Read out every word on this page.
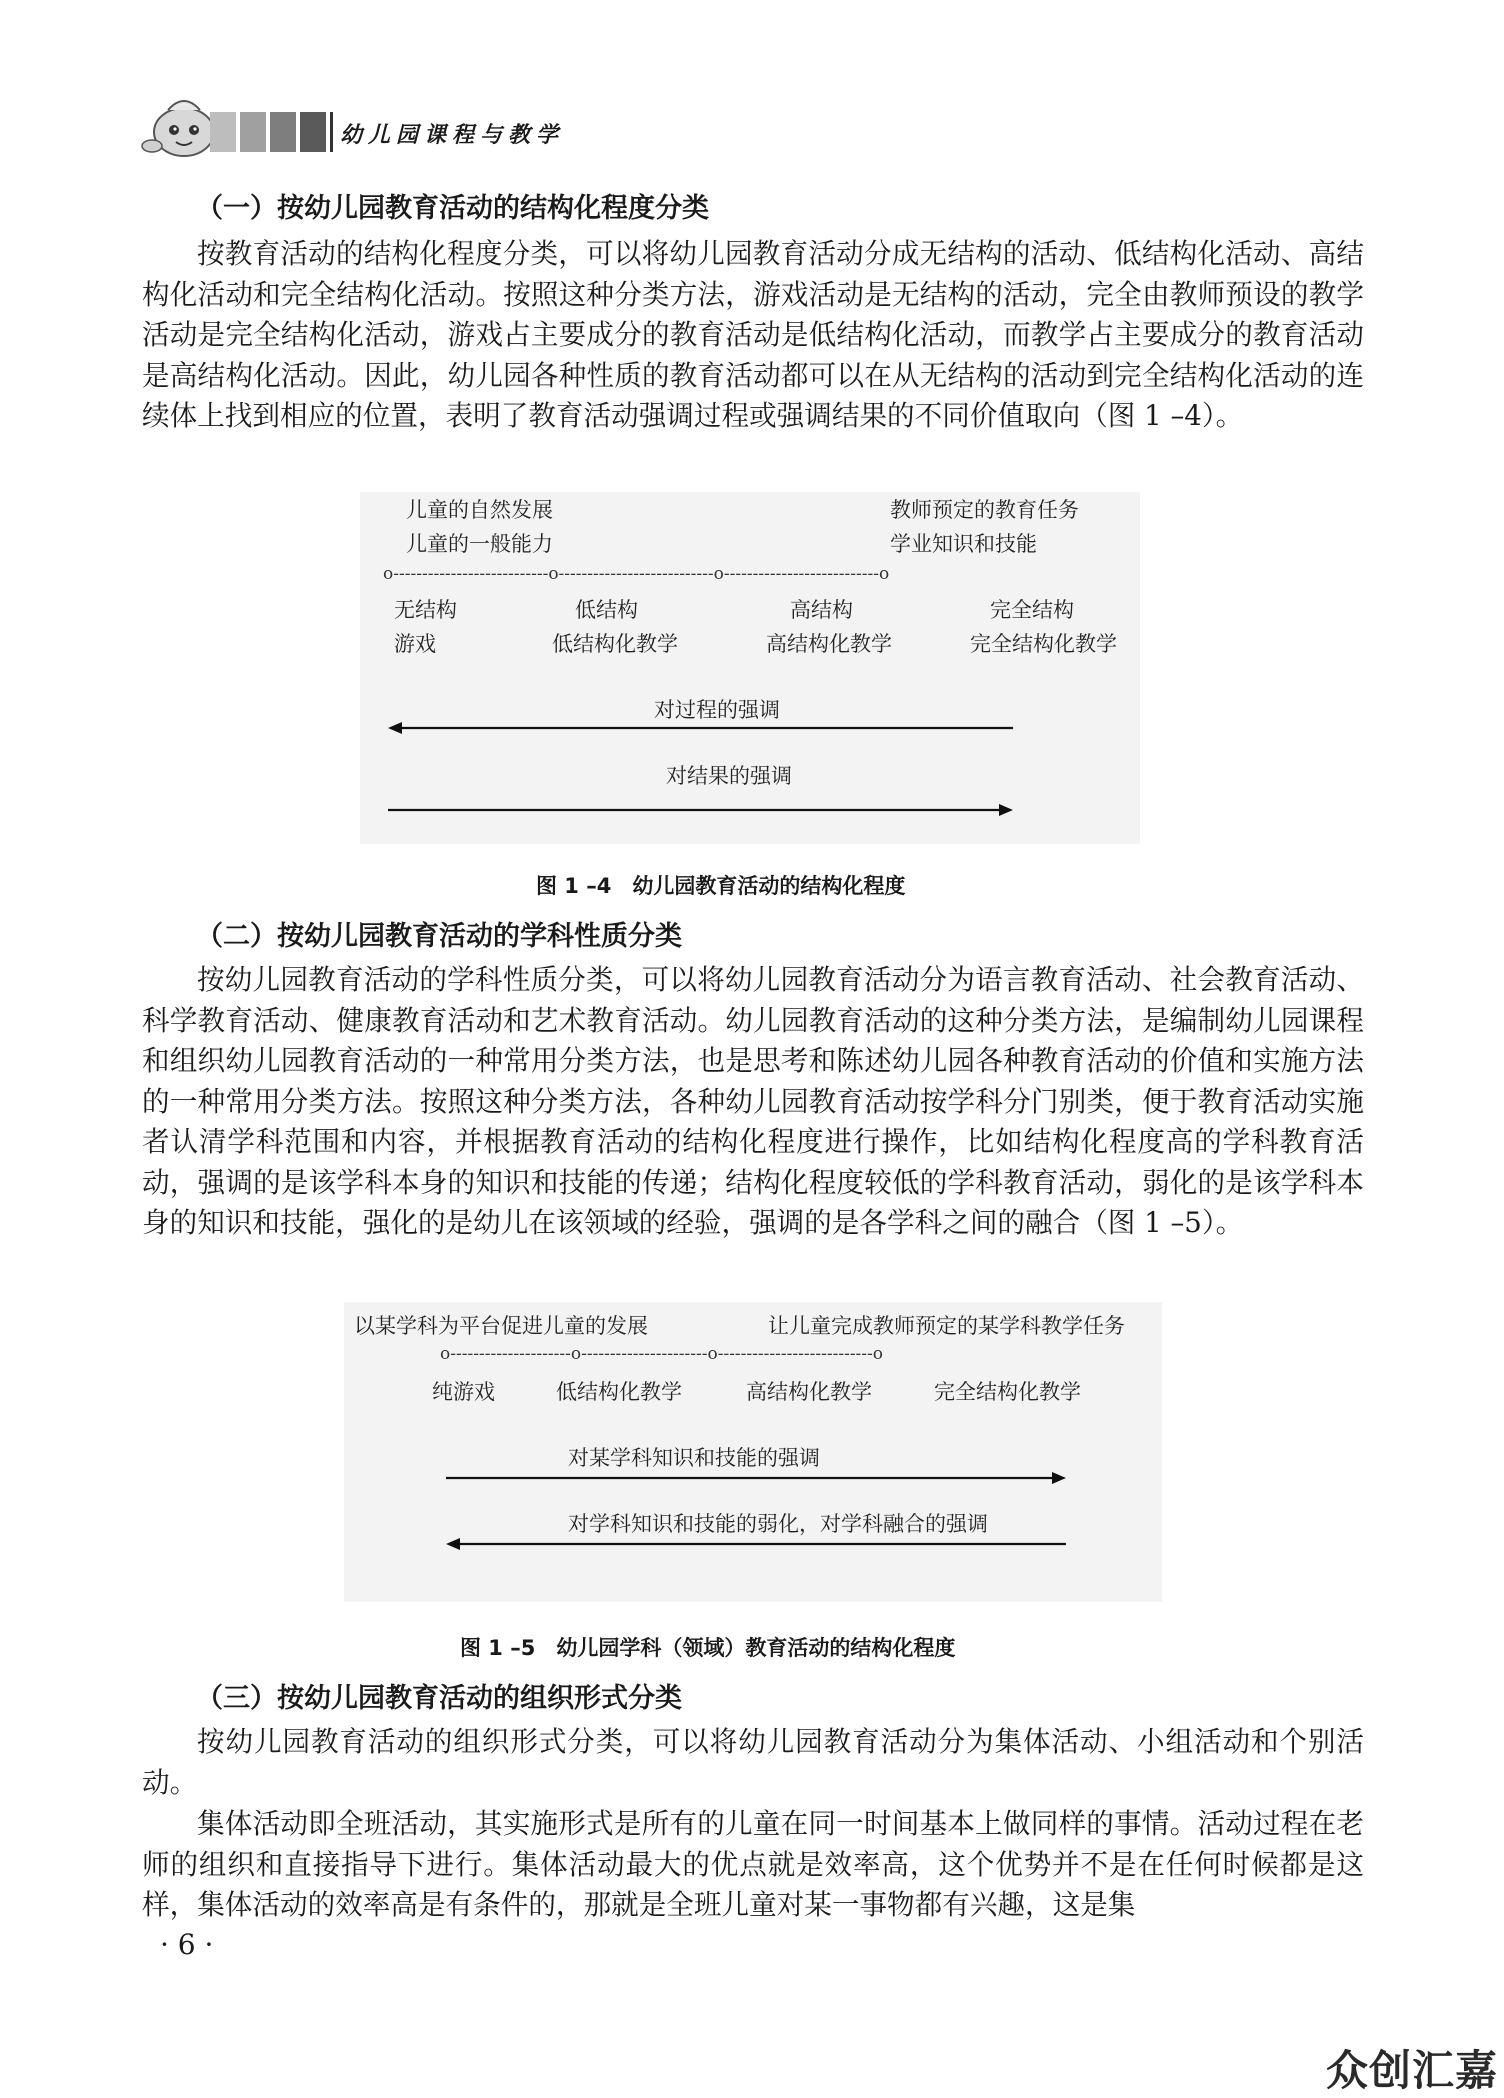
幼儿园课程与教学
（一）按幼儿园教育活动的结构化程度分类
按教育活动的结构化程度分类，可以将幼儿园教育活动分成无结构的活动、低结构化活动、高结构化活动和完全结构化活动。按照这种分类方法，游戏活动是无结构的活动，完全由教师预设的教学活动是完全结构化活动，游戏占主要成分的教育活动是低结构化活动，而教学占主要成分的教育活动是高结构化活动。因此，幼儿园各种性质的教育活动都可以在从无结构的活动到完全结构化活动的连续体上找到相应的位置，表明了教育活动强调过程或强调结果的不同价值取向（图 1 –4）。
儿童的自然发展
儿童的一般能力
教师预定的教育任务
学业知识和技能
o---------------------------o---------------------------o---------------------------o
无结构
游戏
低结构
低结构化教学
高结构
高结构化教学
完全结构
完全结构化教学
对过程的强调
对结果的强调
图 1 –4　幼儿园教育活动的结构化程度
（二）按幼儿园教育活动的学科性质分类
按幼儿园教育活动的学科性质分类，可以将幼儿园教育活动分为语言教育活动、社会教育活动、科学教育活动、健康教育活动和艺术教育活动。幼儿园教育活动的这种分类方法，是编制幼儿园课程和组织幼儿园教育活动的一种常用分类方法，也是思考和陈述幼儿园各种教育活动的价值和实施方法的一种常用分类方法。按照这种分类方法，各种幼儿园教育活动按学科分门别类，便于教育活动实施者认清学科范围和内容，并根据教育活动的结构化程度进行操作，比如结构化程度高的学科教育活动，强调的是该学科本身的知识和技能的传递；结构化程度较低的学科教育活动，弱化的是该学科本身的知识和技能，强化的是幼儿在该领域的经验，强调的是各学科之间的融合（图 1 –5）。
以某学科为平台促进儿童的发展	让儿童完成教师预定的某学科教学任务
o---------------------o----------------------o---------------------------o
纯游戏	低结构化教学	高结构化教学	完全结构化教学
对某学科知识和技能的强调
对学科知识和技能的弱化，对学科融合的强调
图 1 –5　幼儿园学科（领域）教育活动的结构化程度
（三）按幼儿园教育活动的组织形式分类
按幼儿园教育活动的组织形式分类，可以将幼儿园教育活动分为集体活动、小组活动和个别活动。
集体活动即全班活动，其实施形式是所有的儿童在同一时间基本上做同样的事情。活动过程在老师的组织和直接指导下进行。集体活动最大的优点就是效率高，这个优势并不是在任何时候都是这样，集体活动的效率高是有条件的，那就是全班儿童对某一事物都有兴趣，这是集
· 6 ·
众创汇嘉
